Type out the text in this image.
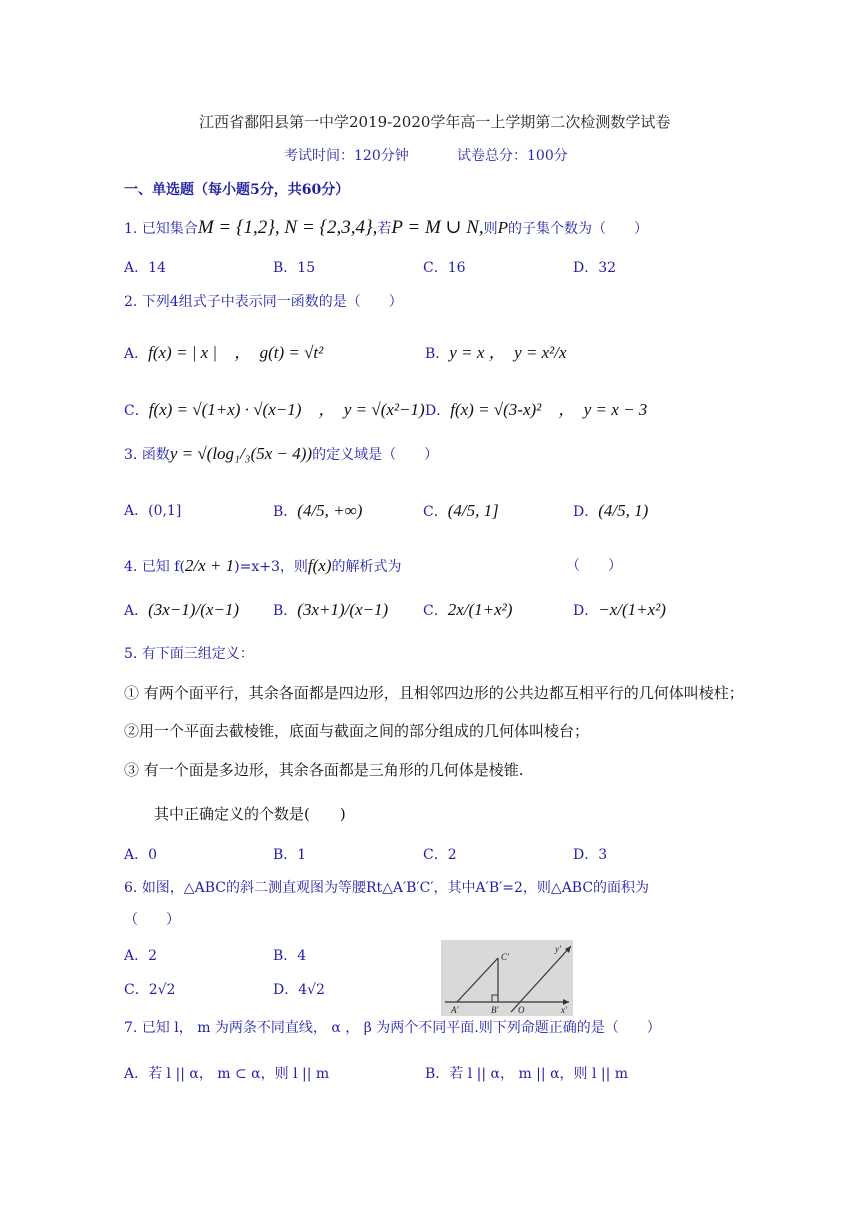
江西省鄱阳县第一中学2019-2020学年高一上学期第二次检测数学试卷
考试时间：120分钟	试卷总分：100分
一、单选题（每小题5分，共60分）
1. 已知集合M = {1,2}, N = {2,3,4},若P = M ∪ N,则P的子集个数为（　　）
A．14	B．15	C．16	D．32
2. 下列4组式子中表示同一函数的是（　　）
A．f(x) = | x |　，　g(t) = √t²	B．y = x ，　y = x²/x
C．f(x) = √(1+x) · √(x−1)　，　y = √(x²−1) D．f(x) = √(3-x)²　，　y = x − 3
3. 函数y = √(log₁/₃(5x − 4))的定义域是（　　）
A．(0,1]	B．(4/5, +∞)	C．(4/5, 1]	D．(4/5, 1)
4. 已知 f(2/x + 1)=x+3，则f(x)的解析式为	（　　）
A．(3x−1)/(x−1) B．(3x+1)/(x−1) C．2x/(1+x²)	D．−x/(1+x²)
5. 有下面三组定义：
① 有两个面平行，其余各面都是四边形，且相邻四边形的公共边都互相平行的几何体叫棱柱；
②用一个平面去截棱锥，底面与截面之间的部分组成的几何体叫棱台；
③ 有一个面是多边形，其余各面都是三角形的几何体是棱锥.
其中正确定义的个数是(　　)
A．0	B．1	C．2	D．3
6. 如图，△ABC的斜二测直观图为等腰Rt△A′B′C′，其中A′B′=2，则△ABC的面积为
（　　）
A．2	B．4
C．2√2	D．4√2
C′
A′	B′ O	x′
y′
7. 已知 l， m 为两条不同直线， α ， β 为两个不同平面.则下列命题正确的是（　　）
A．若 l || α， m ⊂ α，则 l || m	B．若 l || α， m || α，则 l || m
